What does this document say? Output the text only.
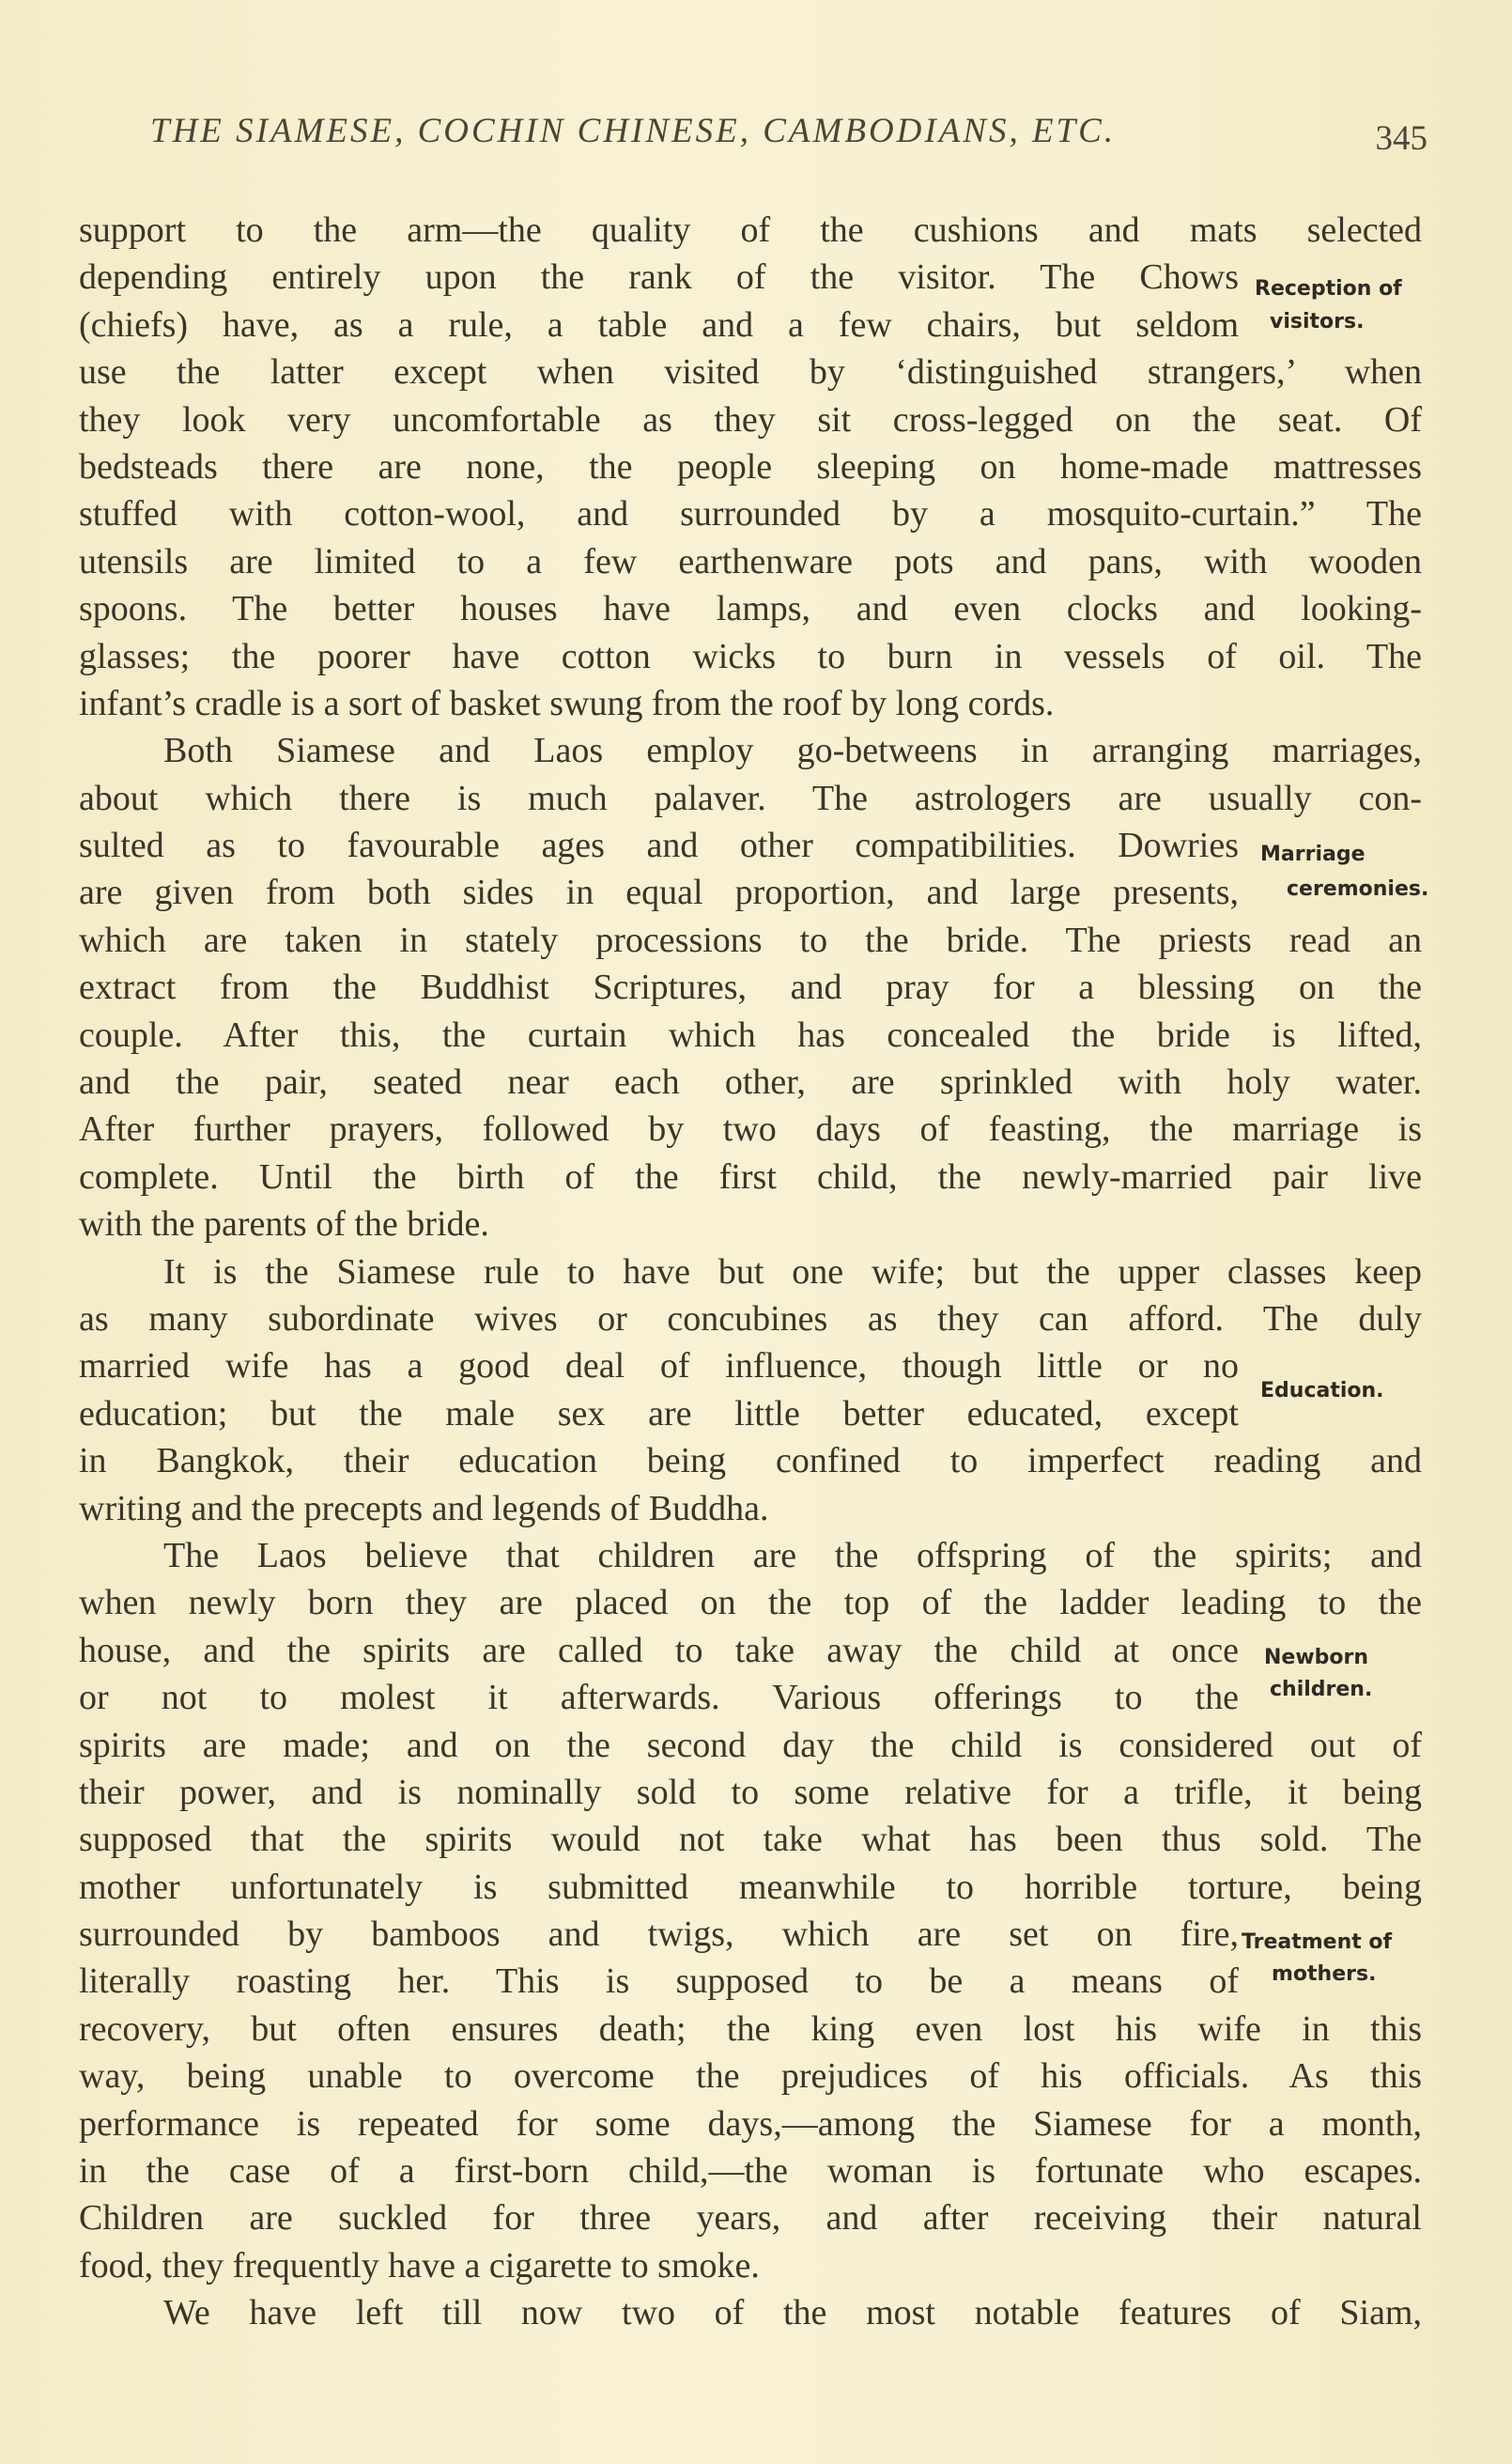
THE SIAMESE, COCHIN CHINESE, CAMBODIANS, ETC.	345
support to the arm—the quality of the cushions and mats selected
depending entirely upon the rank of the visitor. The Chows
(chiefs) have, as a rule, a table and a few chairs, but seldom
use the latter except when visited by ‘distinguished strangers,’ when
they look very uncomfortable as they sit cross-legged on the seat. Of
bedsteads there are none, the people sleeping on home-made mattresses
stuffed with cotton-wool, and surrounded by a mosquito-curtain.” The
utensils are limited to a few earthenware pots and pans, with wooden
spoons. The better houses have lamps, and even clocks and looking-
glasses; the poorer have cotton wicks to burn in vessels of oil. The
infant’s cradle is a sort of basket swung from the roof by long cords.
Both Siamese and Laos employ go-betweens in arranging marriages,
about which there is much palaver. The astrologers are usually con-
sulted as to favourable ages and other compatibilities. Dowries
are given from both sides in equal proportion, and large presents,
which are taken in stately processions to the bride. The priests read an
extract from the Buddhist Scriptures, and pray for a blessing on the
couple. After this, the curtain which has concealed the bride is lifted,
and the pair, seated near each other, are sprinkled with holy water.
After further prayers, followed by two days of feasting, the marriage is
complete. Until the birth of the first child, the newly-married pair live
with the parents of the bride.
It is the Siamese rule to have but one wife; but the upper classes keep
as many subordinate wives or concubines as they can afford. The duly
married wife has a good deal of influence, though little or no
education; but the male sex are little better educated, except
in Bangkok, their education being confined to imperfect reading and
writing and the precepts and legends of Buddha.
The Laos believe that children are the offspring of the spirits; and
when newly born they are placed on the top of the ladder leading to the
house, and the spirits are called to take away the child at once
or not to molest it afterwards. Various offerings to the
spirits are made; and on the second day the child is considered out of
their power, and is nominally sold to some relative for a trifle, it being
supposed that the spirits would not take what has been thus sold. The
mother unfortunately is submitted meanwhile to horrible torture, being
surrounded by bamboos and twigs, which are set on fire,
literally roasting her. This is supposed to be a means of
recovery, but often ensures death; the king even lost his wife in this
way, being unable to overcome the prejudices of his officials. As this
performance is repeated for some days,—among the Siamese for a month,
in the case of a first-born child,—the woman is fortunate who escapes.
Children are suckled for three years, and after receiving their natural
food, they frequently have a cigarette to smoke.
We have left till now two of the most notable features of Siam,
Reception of
visitors.
Marriage
ceremonies.
Education.
Newborn
children.
Treatment of
mothers.
